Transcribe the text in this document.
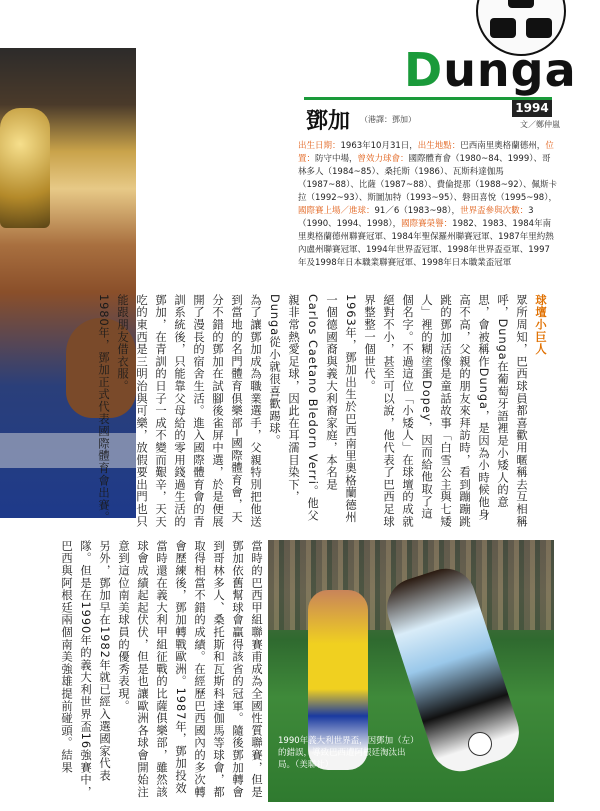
Dunga
1994
鄧加 （港譯：鄧加）
文／鄭仲嵐
出生日期：1963年10月31日，出生地點：巴西南里奧格蘭德州，位置：防守中場，曾效力球會：國際體育會（1980~84、1999）、哥林多人（1984~85）、桑托斯（1986）、瓦斯科達伽馬（1987~88）、比薩（1987~88）、費倫提那（1988~92）、佩斯卡拉（1992~93）、斯圖加特（1993~95）、磐田喜悅（1995~98），國際賽上場／進球：91／6（1983~98），世界盃參與次數：3（1990、1994、1998），國際賽榮譽：1982、1983、1984年南里奧格蘭德州聯賽冠軍、1984年聖保羅州聯賽冠軍、1987年里約熱內盧州聯賽冠軍、1994年世界盃冠軍、1998年世界盃亞軍、1997年及1998年日本職業聯賽冠軍、1998年日本職業盃冠軍
球壇小巨人
眾所周知，巴西球員都喜歡用暱稱去互相稱呼，Dunga在葡萄牙語裡是小矮人的意思，會被稱作Dunga，是因為小時候他身高不高，父親的朋友來拜訪時，看到蹦蹦跳跳的鄧加活像是童話故事「白雪公主與七矮人」裡的糊塗蛋Dopey，因而給他取了這個名字。不過這位「小矮人」在球壇的成就絕對不小，甚至可以說，他代表了巴西足球界整整一個世代。
1963年，鄧加出生於巴西南里奧格蘭德州一個德國裔與義大利裔家庭，本名是Carlos Caetano Bledorn Verri。他父親非常熱愛足球，因此在耳濡目染下，Dunga從小就很喜歡踢球。
為了讓鄧加成為職業選手，父親特別把他送到當地的名門體育俱樂部─國際體育會，天分不錯的鄧加在試腳後雀屏中選，於是便展開了漫長的宿舍生活。進入國際體育會的青訓系統後，只能靠父母給的零用錢過生活的鄧加，在青訓的日子一成不變而艱辛，天天吃的東西是三明治與可樂，放假要出門也只能跟朋友借衣服。
1980年，鄧加正式代表國際體育會出賽。
當時的巴西甲組聯賽甫成為全國性質聯賽，但是鄧加依舊幫球會贏得該省的冠軍。隨後鄧加轉會到哥林多人、桑托斯和瓦斯科達伽馬等球會，都取得相當不錯的成績。在經歷巴西國內的多次轉會歷練後，鄧加轉戰歐洲。1987年，鄧加投效當時還在義大利甲組征戰的比薩俱樂部，雖然該球會成績起起伏伏，但是也讓歐洲各球會開始注意到這位南美球員的優秀表現。
另外，鄧加早在1982年就已經入選國家代表隊。但是在1990年的義大利世界盃16強賽中，巴西與阿根廷兩個南美強雄提前碰頭。結果	1990年義大利世界盃，因鄧加（左）的錯誤，導致巴西遭阿根廷淘汰出局。（美聯社）
